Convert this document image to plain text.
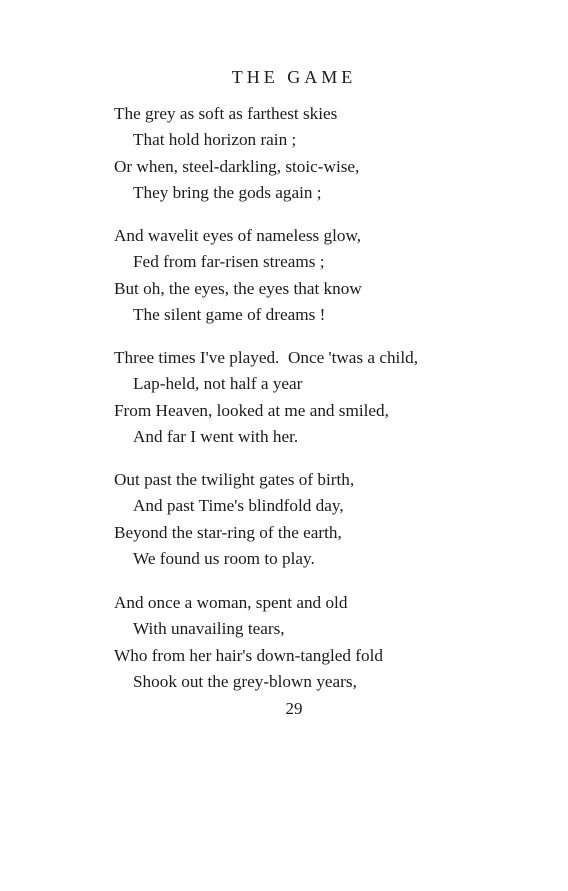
THE GAME
The grey as soft as farthest skies
That hold horizon rain ;
Or when, steel-darkling, stoic-wise,
They bring the gods again ;
And wavelit eyes of nameless glow,
Fed from far-risen streams ;
But oh, the eyes, the eyes that know
The silent game of dreams !
Three times I've played.  Once 'twas a child,
Lap-held, not half a year
From Heaven, looked at me and smiled,
And far I went with her.
Out past the twilight gates of birth,
And past Time's blindfold day,
Beyond the star-ring of the earth,
We found us room to play.
And once a woman, spent and old
With unavailing tears,
Who from her hair's down-tangled fold
Shook out the grey-blown years,
29
